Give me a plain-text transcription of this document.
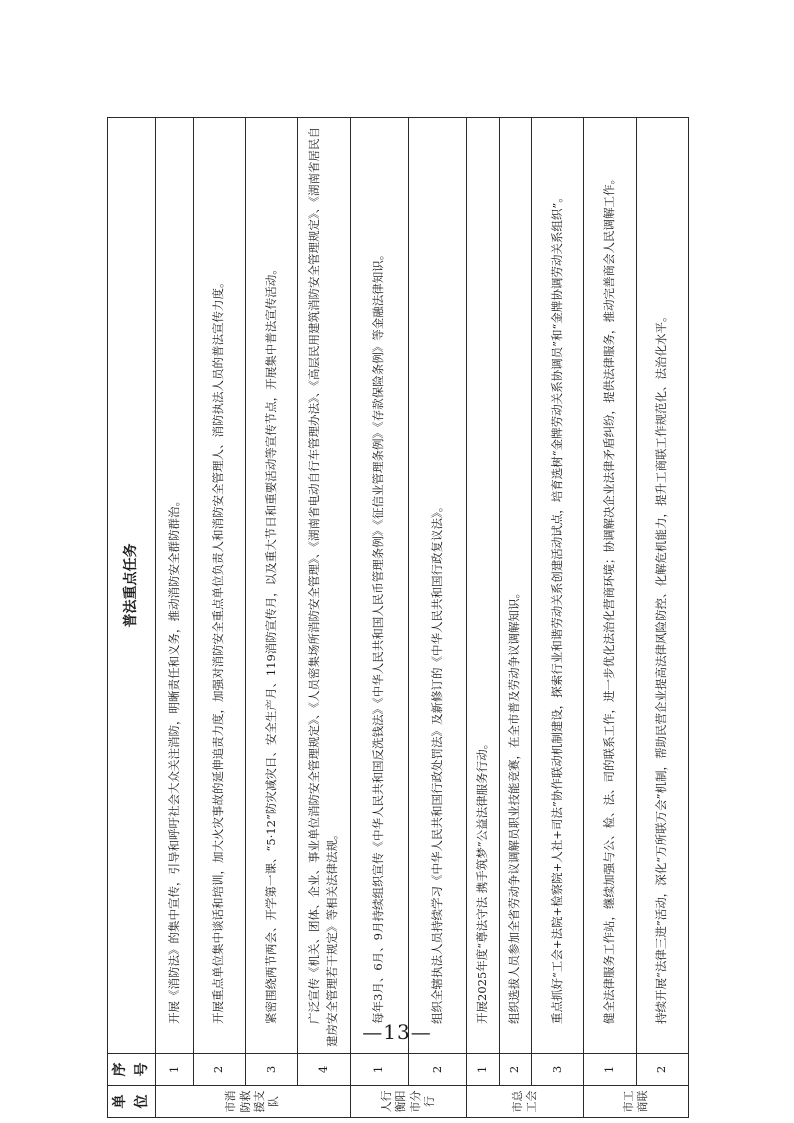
单位	序号	普法重点任务
市消防救援支队	1	开展《消防法》的集中宣传，引导和呼吁社会大众关注消防，明晰责任和义务，推动消防安全群防群治。
	2	开展重点单位集中谈话和培训，加大火灾事故的延伸追责力度，加强对消防安全重点单位负责人和消防安全管理人、消防执法人员的普法宣传力度。
	3	紧密围绕两节两会、开学第一课、“5·12”防灾减灾日、安全生产月、119消防宣传月，以及重大节日和重要活动等宣传节点，开展集中普法宣传活动。
	4	广泛宣传《机关、团体、企业、事业单位消防安全管理规定》、《人员密集场所消防安全管理》、《湖南省电动自行车管理办法》、《高层民用建筑消防安全管理规定》、《湖南省居民自建房安全管理若干规定》等相关法律法规。
人行衡阳市分行	1	每年3月、6月、9月持续组织宣传《中华人民共和国反洗钱法》《中华人民共和国人民币管理条例》《征信业管理条例》《存款保险条例》等金融法律知识。
	2	组织全辖执法人员持续学习《中华人民共和国行政处罚法》及新修订的《中华人民共和国行政复议法》。
市总工会	1	开展2025年度“尊法守法 携手筑梦”公益法律服务行动。
	2	组织选拔人员参加全省劳动争议调解员职业技能竞赛，在全市普及劳动争议调解知识。
	3	重点抓好“工会+法院+检察院+人社+司法”协作联动机制建设，探索行业和谐劳动关系创建活动试点，培育选树“金牌劳动关系协调员”和“金牌协调劳动关系组织”。
市工商联	1	健全法律服务工作站，继续加强与公、检、法、司的联系工作，进一步优化法治化营商环境；协调解决企业法律矛盾纠纷，提供法律服务，推动完善商会人民调解工作。
	2	持续开展“法律三进”活动，深化“万所联万会”机制，帮助民营企业提高法律风险防控、化解危机能力，提升工商联工作规范化、法治化水平。
—13—
